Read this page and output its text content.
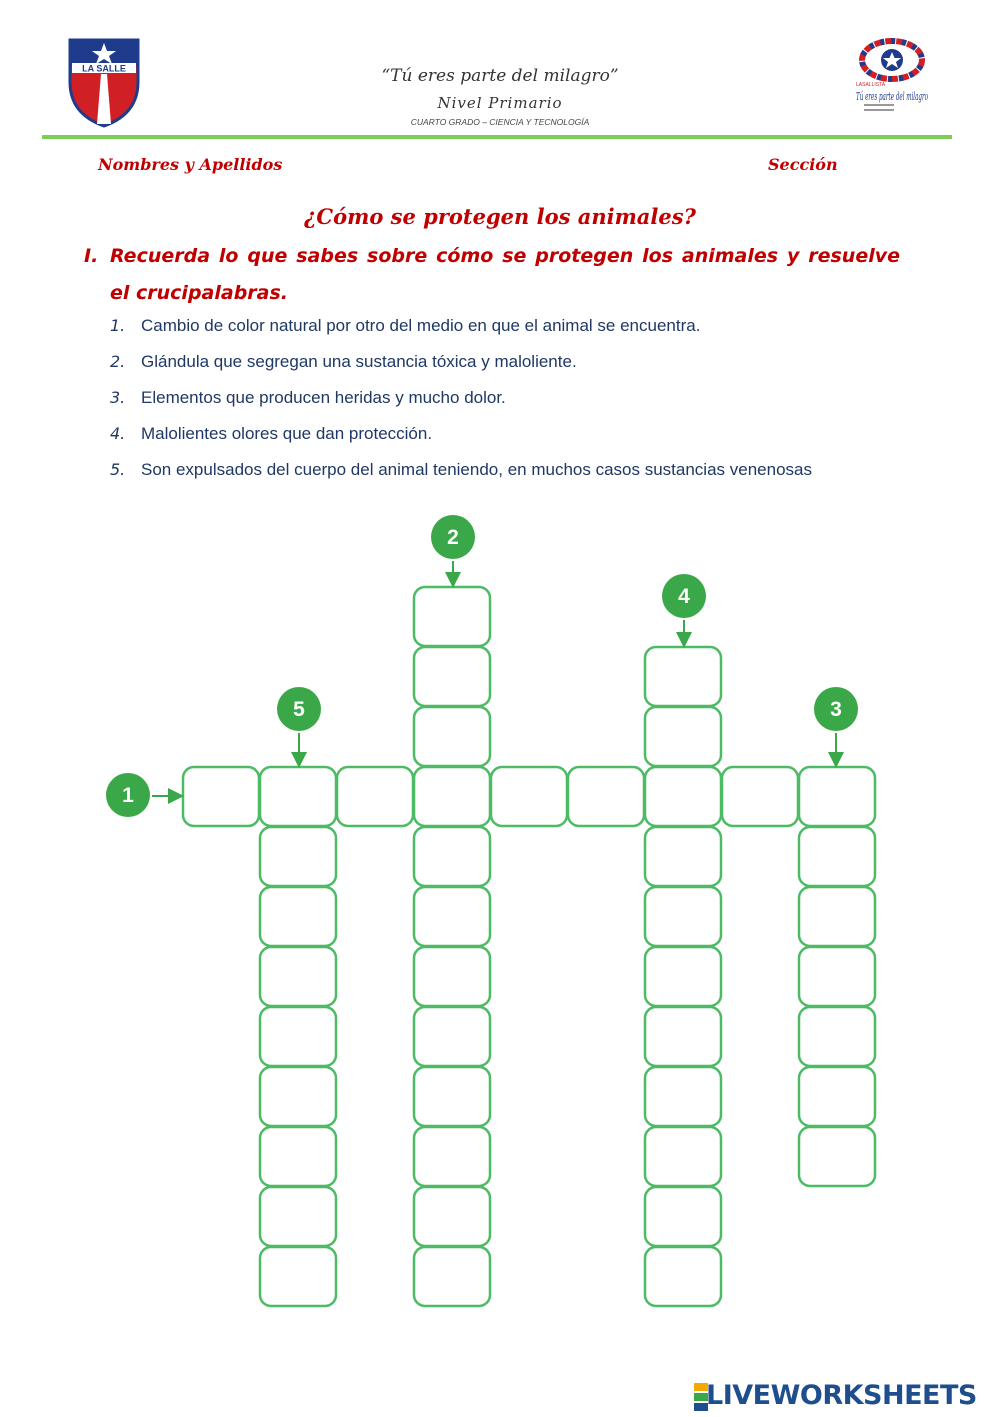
LA SALLE	“Tú eres parte del milagro”
Nivel Primario
CUARTO GRADO – CIENCIA Y TECNOLOGÍA
LASALLISTA
Tú eres parte del milagro
Nombres y Apellidos	Sección
¿Cómo se protegen los animales?
I. Recuerda lo que sabes sobre cómo se protegen los animales y resuelve el crucipalabras.
1. Cambio de color natural por otro del medio en que el animal se encuentra.
2. Glándula que segregan una sustancia tóxica y maloliente.
3. Elementos que producen heridas y mucho dolor.
4. Malolientes olores que dan protección.
5. Son expulsados del cuerpo del animal teniendo, en muchos casos sustancias venenosas
1
2
3
4
5
LIVEWORKSHEETS
